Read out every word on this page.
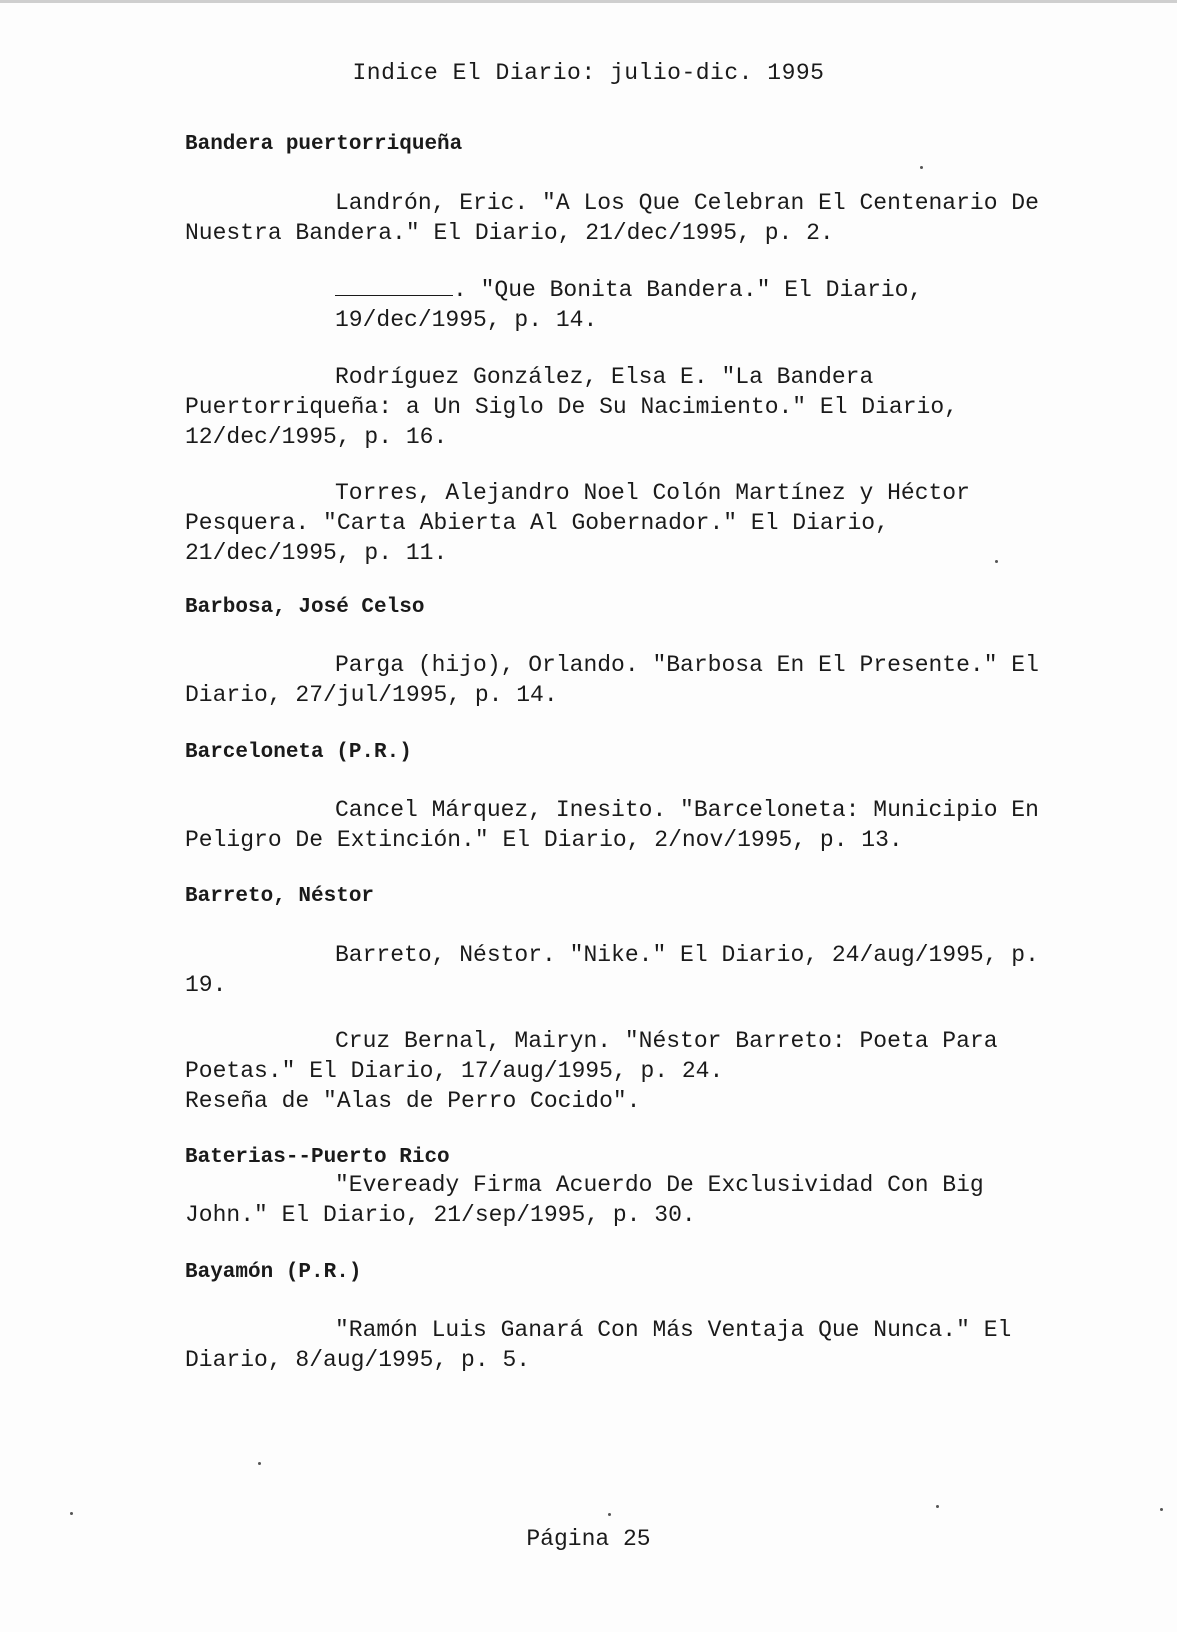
Indice El Diario: julio-dic. 1995

Bandera puertorriqueña

Landrón, Eric. "A Los Que Celebran El Centenario De Nuestra Bandera." El Diario, 21/dec/1995, p. 2.

. "Que Bonita Bandera." El Diario, 19/dec/1995, p. 14.

Rodríguez González, Elsa E. "La Bandera Puertorriqueña: a Un Siglo De Su Nacimiento." El Diario, 12/dec/1995, p. 16.

Torres, Alejandro Noel Colón Martínez y Héctor Pesquera. "Carta Abierta Al Gobernador." El Diario, 21/dec/1995, p. 11.

Barbosa, José Celso

Parga (hijo), Orlando. "Barbosa En El Presente." El Diario, 27/jul/1995, p. 14.

Barceloneta (P.R.)

Cancel Márquez, Inesito. "Barceloneta: Municipio En Peligro De Extinción." El Diario, 2/nov/1995, p. 13.

Barreto, Néstor

Barreto, Néstor. "Nike." El Diario, 24/aug/1995, p. 19.

Cruz Bernal, Mairyn. "Néstor Barreto: Poeta Para Poetas." El Diario, 17/aug/1995, p. 24.

Reseña de "Alas de Perro Cocido".

Baterias--Puerto Rico

"Eveready Firma Acuerdo De Exclusividad Con Big John." El Diario, 21/sep/1995, p. 30.

Bayamón (P.R.)

"Ramón Luis Ganará Con Más Ventaja Que Nunca." El Diario, 8/aug/1995, p. 5.

Página 25
